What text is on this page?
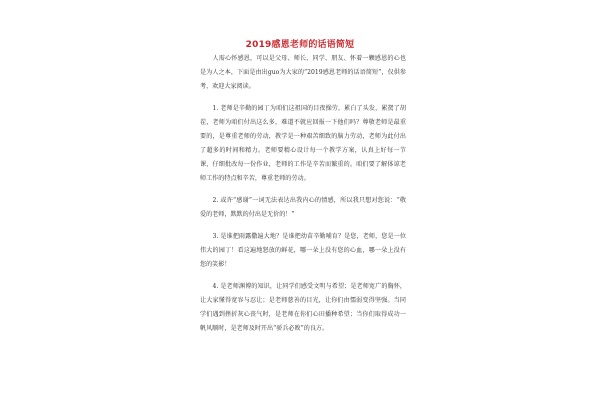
2019感恩老师的话语简短

人需心怀感恩，可以是父母、师长、同学、朋友、怀着一颗感恩的心也是为人之本，下面是由出guo为大家的“2019感恩老师的话语简短”，仅供参考，欢迎大家阅读。

1. 老师是辛勤的园丁为咱们这祖国的目夜操劳，累白了头发，累駌了胡茬，老师为咱们付出这么多，难道不就应回报一下他们吗？尊敬老师是最重要的，是尊重老师的劳动，教学是一种艰苦细致的脑力劳动，老师为此付出了超多的时间和精力。老师要精心设计每一个教学方案，认真上好每一节课，仔细批改每一份作业，老师的工作是辛苦而繁重的。咱们要了解体谅老师工作的特点和辛苦，尊重老师的劳动。

2. 或许“感谢”一词无法表达出我内心的情感，所以我只想对您说：“敬爱的老师，默默的付出是无价的！”

3. 是谁把雨露撒遍大地？是谁把幼苗辛勤哺育？是您，老师，您是一位伟大的园丁！看这遍地怒放的鲜花，哪一朵上没有您的心血，哪一朵上没有您的笑影！

4. 是老师渊博的知识，让同学们感受文明与希望；是老师宽广的胸怀，让大家懂得宽容与忍让；是老师慈善的目光，让你们由懦弱变得坚强。当同学们遇到挫折灰心丧气时，是老师在你们心田播种希望；当你们取得成功一帆风顺时，是老师及时开出“骄兵必败”的良方。
